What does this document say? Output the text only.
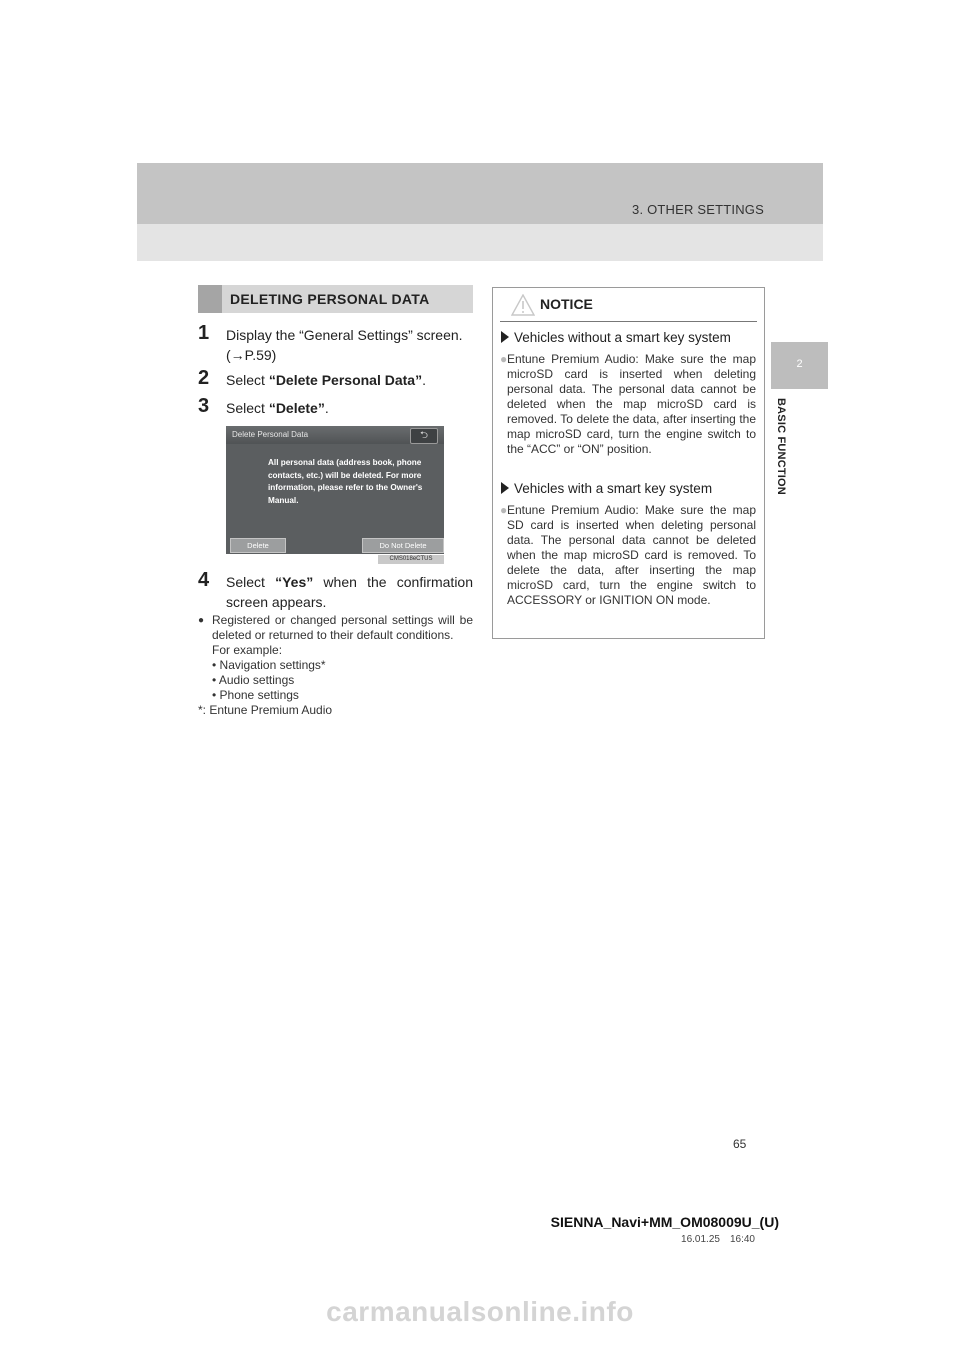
3. OTHER SETTINGS
2
BASIC FUNCTION
DELETING PERSONAL DATA
1 Display the “General Settings” screen.
(→P.59)
2 Select “Delete Personal Data”.
3 Select “Delete”.
Delete Personal Data	⮌
All personal data (address book, phone contacts, etc.) will be deleted. For more information, please refer to the Owner's Manual.
Delete	Do Not Delete
CMS018eCTUS
4 Select “Yes” when the confirmation screen appears.
● Registered or changed personal settings will be deleted or returned to their default conditions.
For example:
• Navigation settings*
• Audio settings
• Phone settings
*: Entune Premium Audio
NOTICE
Vehicles without a smart key system
● Entune Premium Audio: Make sure the map microSD card is inserted when deleting personal data. The personal data cannot be deleted when the map microSD card is removed. To delete the data, after inserting the map microSD card, turn the engine switch to the “ACC” or “ON” position.
Vehicles with a smart key system
● Entune Premium Audio: Make sure the map SD card is inserted when deleting personal data. The personal data cannot be deleted when the map microSD card is removed. To delete the data, after inserting the map microSD card, turn the engine switch to ACCESSORY or IGNITION ON mode.
65
SIENNA_Navi+MM_OM08009U_(U)
16.01.25 16:40
carmanualsonline.info
